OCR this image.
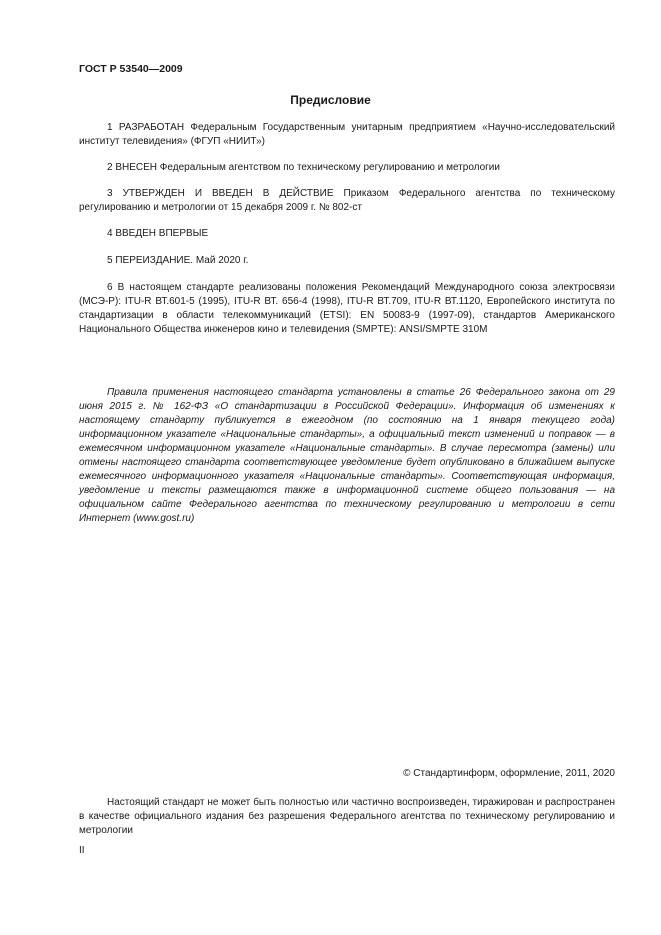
ГОСТ Р 53540—2009
Предисловие

1 РАЗРАБОТАН Федеральным Государственным унитарным предприятием «Научно-исследовательский институт телевидения» (ФГУП «НИИТ»)

2 ВНЕСЕН Федеральным агентством по техническому регулированию и метрологии

3 УТВЕРЖДЕН И ВВЕДЕН В ДЕЙСТВИЕ Приказом Федерального агентства по техническому регулированию и метрологии от 15 декабря 2009 г. № 802-ст

4 ВВЕДЕН ВПЕРВЫЕ

5 ПЕРЕИЗДАНИЕ. Май 2020 г.

6 В настоящем стандарте реализованы положения Рекомендаций Международного союза электросвязи (МСЭ-Р): ITU-R ВТ.601-5 (1995), ITU-R ВТ. 656-4 (1998), ITU-R ВТ.709, ITU-R ВТ.1120, Европейского института по стандартизации в области телекоммуникаций (ETSI): EN 50083-9 (1997-09), стандартов Американского Национального Общества инженеров кино и телевидения (SMPTE): ANSI/SMPTE 310M

Правила применения настоящего стандарта установлены в статье 26 Федерального закона от 29 июня 2015 г. № 162-ФЗ «О стандартизации в Российской Федерации». Информация об изменениях к настоящему стандарту публикуется в ежегодном (по состоянию на 1 января текущего года) информационном указателе «Национальные стандарты», а официальный текст изменений и поправок — в ежемесячном информационном указателе «Национальные стандарты». В случае пересмотра (замены) или отмены настоящего стандарта соответствующее уведомление будет опубликовано в ближайшем выпуске ежемесячного информационного указателя «Национальные стандарты». Соответствующая информация, уведомление и тексты размещаются также в информационной системе общего пользования — на официальном сайте Федерального агентства по техническому регулированию и метрологии в сети Интернет (www.gost.ru)

© Стандартинформ, оформление, 2011, 2020

Настоящий стандарт не может быть полностью или частично воспроизведен, тиражирован и распространен в качестве официального издания без разрешения Федерального агентства по техническому регулированию и метрологии

II
